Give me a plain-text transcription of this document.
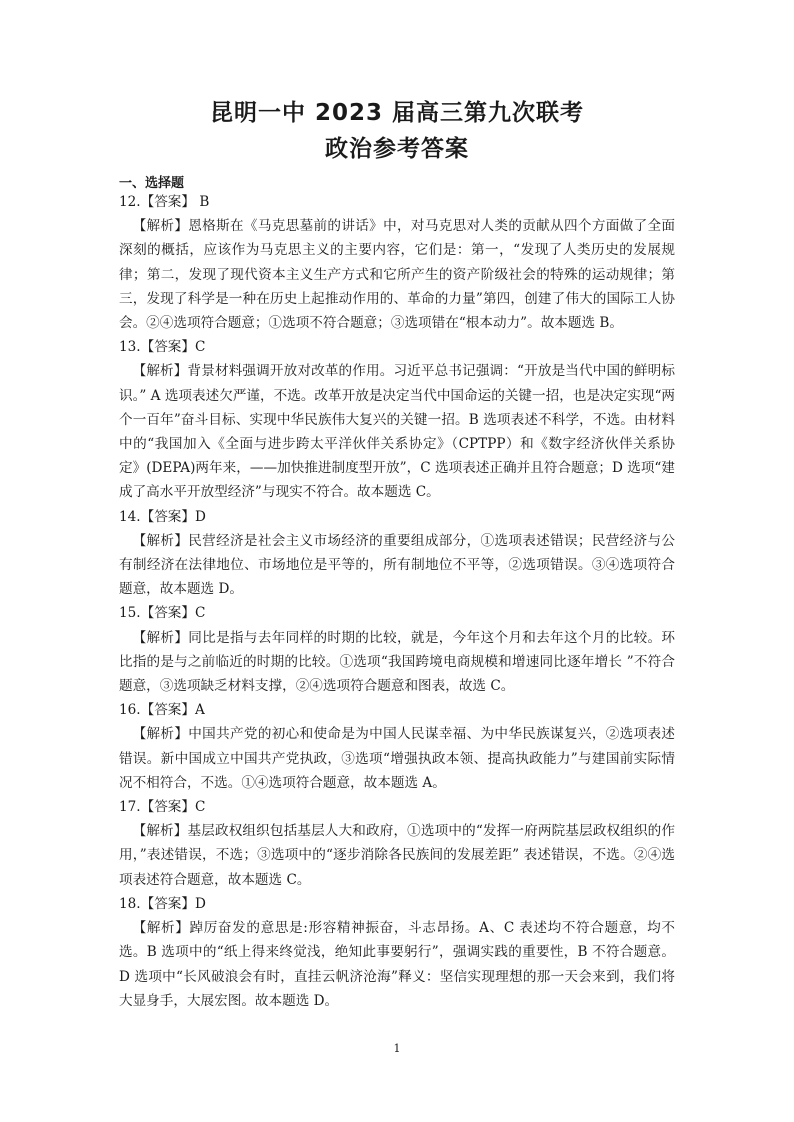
昆明一中 2023 届高三第九次联考
政治参考答案
一、选择题
12.【答案】 B
【解析】恩格斯在《马克思墓前的讲话》中，对马克思对人类的贡献从四个方面做了全面深刻的概括，应该作为马克思主义的主要内容，它们是：第一，“发现了人类历史的发展规律；第二，发现了现代资本主义生产方式和它所产生的资产阶级社会的特殊的运动规律；第三，发现了科学是一种在历史上起推动作用的、革命的力量”第四，创建了伟大的国际工人协会。②④选项符合题意；①选项不符合题意；③选项错在“根本动力”。故本题选 B。
13.【答案】C
【解析】背景材料强调开放对改革的作用。习近平总书记强调：“开放是当代中国的鲜明标识。” A 选项表述欠严谨，不选。改革开放是决定当代中国命运的关键一招，也是决定实现“两个一百年”奋斗目标、实现中华民族伟大复兴的关键一招。B 选项表述不科学，不选。由材料中的“我国加入《全面与进步跨太平洋伙伴关系协定》（CPTPP）和《数字经济伙伴关系协定》(DEPA)两年来，——加快推进制度型开放”，C 选项表述正确并且符合题意；D 选项“建成了高水平开放型经济”与现实不符合。故本题选 C。
14.【答案】D
【解析】民营经济是社会主义市场经济的重要组成部分，①选项表述错误；民营经济与公有制经济在法律地位、市场地位是平等的，所有制地位不平等，②选项错误。③④选项符合题意，故本题选 D。
15.【答案】C
【解析】同比是指与去年同样的时期的比较，就是，今年这个月和去年这个月的比较。环比指的是与之前临近的时期的比较。①选项“我国跨境电商规模和增速同比逐年增长 ”不符合题意，③选项缺乏材料支撑，②④选项符合题意和图表，故选 C。
16.【答案】A
【解析】中国共产党的初心和使命是为中国人民谋幸福、为中华民族谋复兴，②选项表述错误。新中国成立中国共产党执政，③选项“增强执政本领、提高执政能力”与建国前实际情况不相符合，不选。①④选项符合题意，故本题选 A。
17.【答案】C
【解析】基层政权组织包括基层人大和政府，①选项中的“发挥一府两院基层政权组织的作用，”表述错误，不选；③选项中的“逐步消除各民族间的发展差距” 表述错误，不选。②④选项表述符合题意，故本题选 C。
18.【答案】D
【解析】踔厉奋发的意思是:形容精神振奋，斗志昂扬。A、C 表述均不符合题意，均不选。B 选项中的“纸上得来终觉浅，绝知此事要躬行”，强调实践的重要性，B 不符合题意。D 选项中“长风破浪会有时，直挂云帆济沧海”释义：坚信实现理想的那一天会来到，我们将大显身手，大展宏图。故本题选 D。
1
